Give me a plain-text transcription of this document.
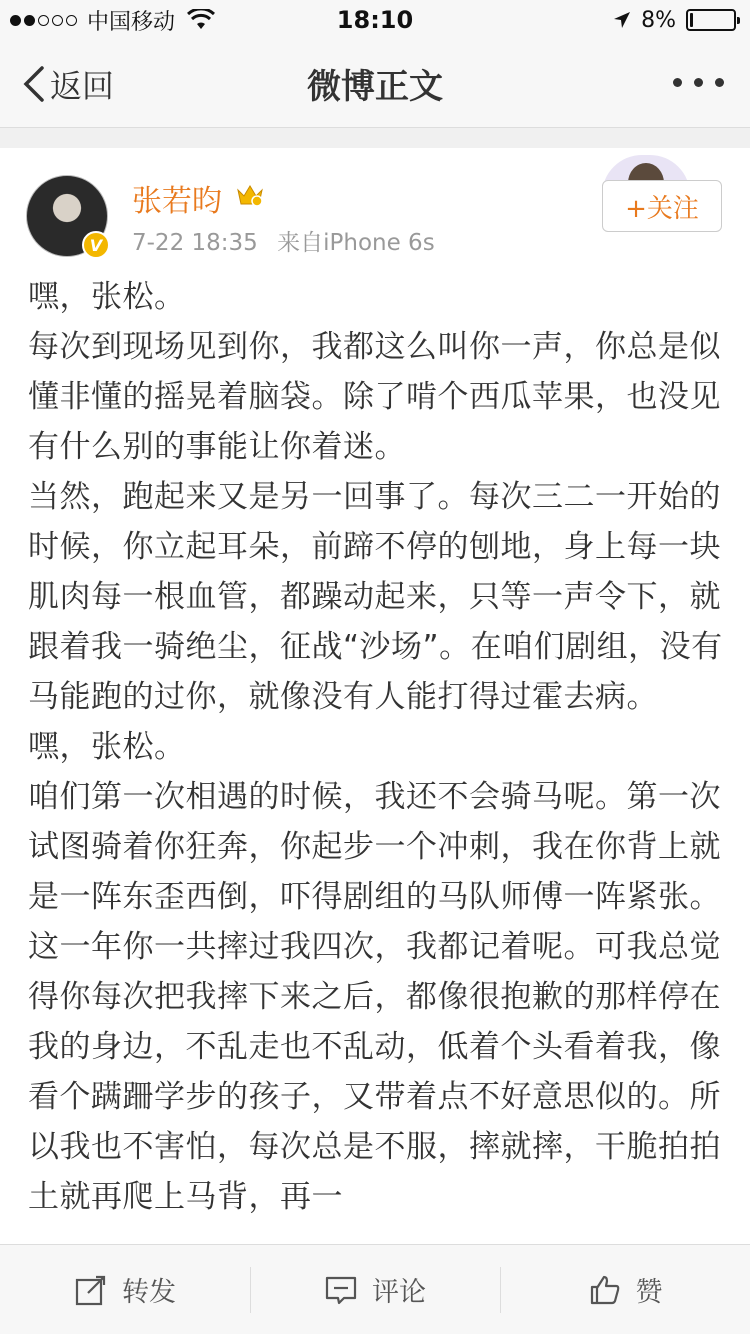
中国移动	18:10	8%
返回	微博正文
V
张若昀
7-22 18:35 来自iPhone 6s
+关注

嘿，张松。

每次到现场见到你，我都这么叫你一声，你总是似懂非懂的摇晃着脑袋。除了啃个西瓜苹果，也没见有什么别的事能让你着迷。

当然，跑起来又是另一回事了。每次三二一开始的时候，你立起耳朵，前蹄不停的刨地，身上每一块肌肉每一根血管，都躁动起来，只等一声令下，就跟着我一骑绝尘，征战“沙场”。在咱们剧组，没有马能跑的过你，就像没有人能打得过霍去病。

嘿，张松。

咱们第一次相遇的时候，我还不会骑马呢。第一次试图骑着你狂奔，你起步一个冲刺，我在你背上就是一阵东歪西倒，吓得剧组的马队师傅一阵紧张。

这一年你一共摔过我四次，我都记着呢。可我总觉得你每次把我摔下来之后，都像很抱歉的那样停在我的身边，不乱走也不乱动，低着个头看着我，像看个蹒跚学步的孩子，又带着点不好意思似的。所以我也不害怕，每次总是不服，摔就摔，干脆拍拍土就再爬上马背，再一

转发	评论	赞
